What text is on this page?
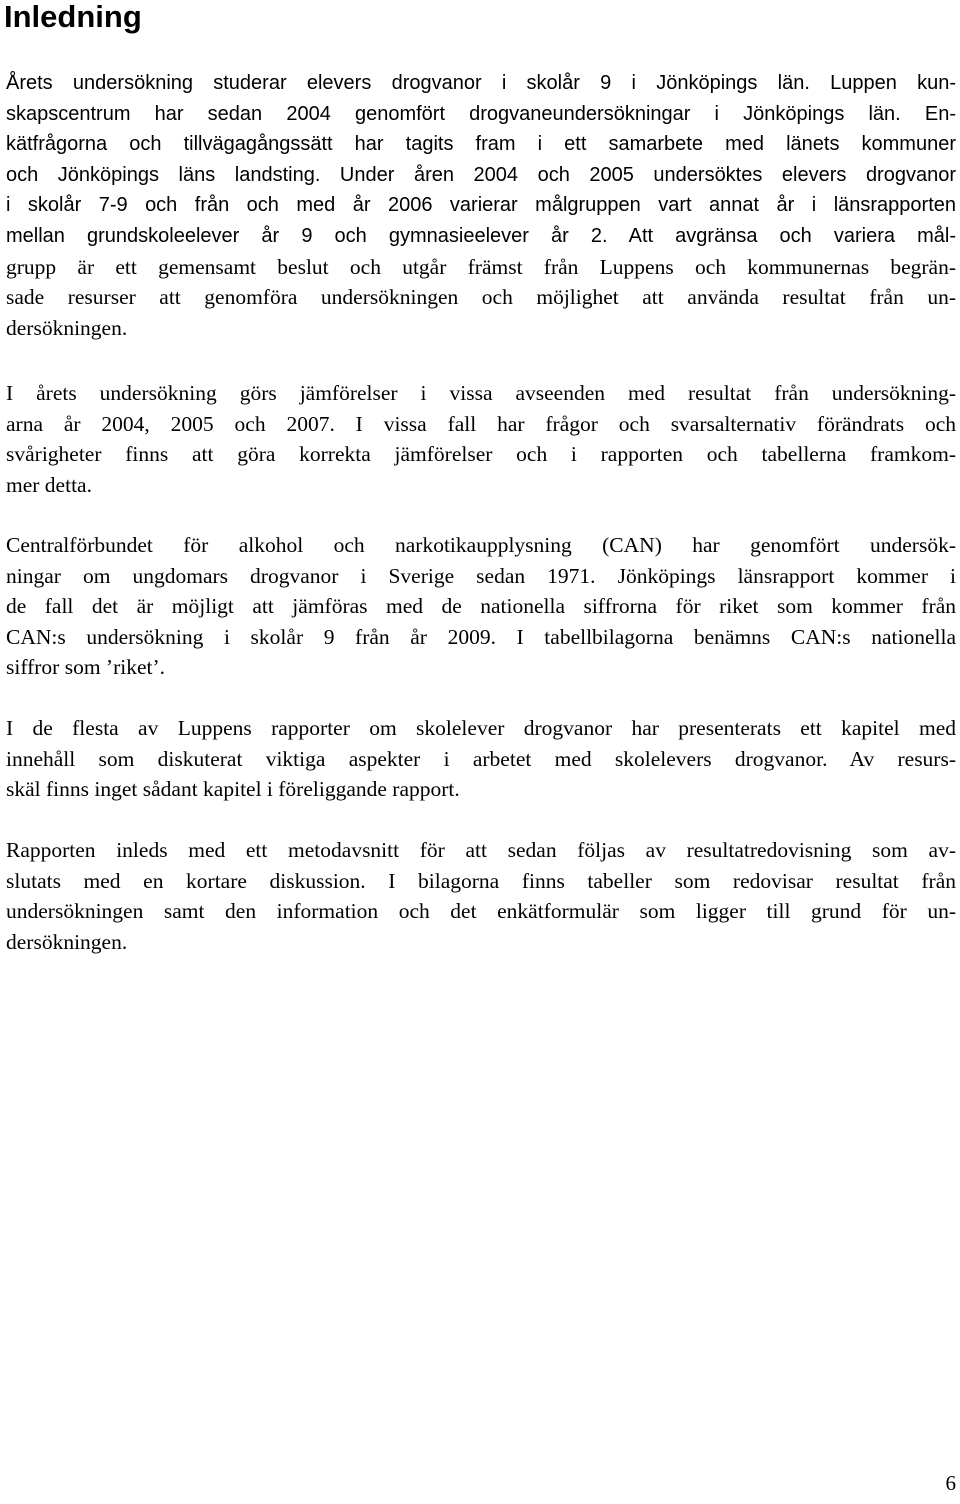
Inledning
Årets undersökning studerar elevers drogvanor i skolår 9 i Jönköpings län. Luppen kun-
skapscentrum har sedan 2004 genomfört drogvaneundersökningar i Jönköpings län. En-
kätfrågorna och tillvägagångssätt har tagits fram i ett samarbete med länets kommuner
och Jönköpings läns landsting. Under åren 2004 och 2005 undersöktes elevers drogvanor
i skolår 7-9 och från och med år 2006 varierar målgruppen vart annat år i länsrapporten
mellan grundskoleelever år 9 och gymnasieelever år 2. Att avgränsa och variera mål-
grupp är ett gemensamt beslut och utgår främst från Luppens och kommunernas begrän-
sade resurser att genomföra undersökningen och möjlighet att använda resultat från un-
dersökningen.
I årets undersökning görs jämförelser i vissa avseenden med resultat från undersökning-
arna år 2004, 2005 och 2007. I vissa fall har frågor och svarsalternativ förändrats och
svårigheter finns att göra korrekta jämförelser och i rapporten och tabellerna framkom-
mer detta.
Centralförbundet för alkohol och narkotikaupplysning (CAN) har genomfört undersök-
ningar om ungdomars drogvanor i Sverige sedan 1971. Jönköpings länsrapport kommer i
de fall det är möjligt att jämföras med de nationella siffrorna för riket som kommer från
CAN:s undersökning i skolår 9 från år 2009. I tabellbilagorna benämns CAN:s nationella
siffror som ’riket’.
I de flesta av Luppens rapporter om skolelever drogvanor har presenterats ett kapitel med
innehåll som diskuterat viktiga aspekter i arbetet med skolelevers drogvanor. Av resurs-
skäl finns inget sådant kapitel i föreliggande rapport.
Rapporten inleds med ett metodavsnitt för att sedan följas av resultatredovisning som av-
slutats med en kortare diskussion. I bilagorna finns tabeller som redovisar resultat från
undersökningen samt den information och det enkätformulär som ligger till grund för un-
dersökningen.
6
